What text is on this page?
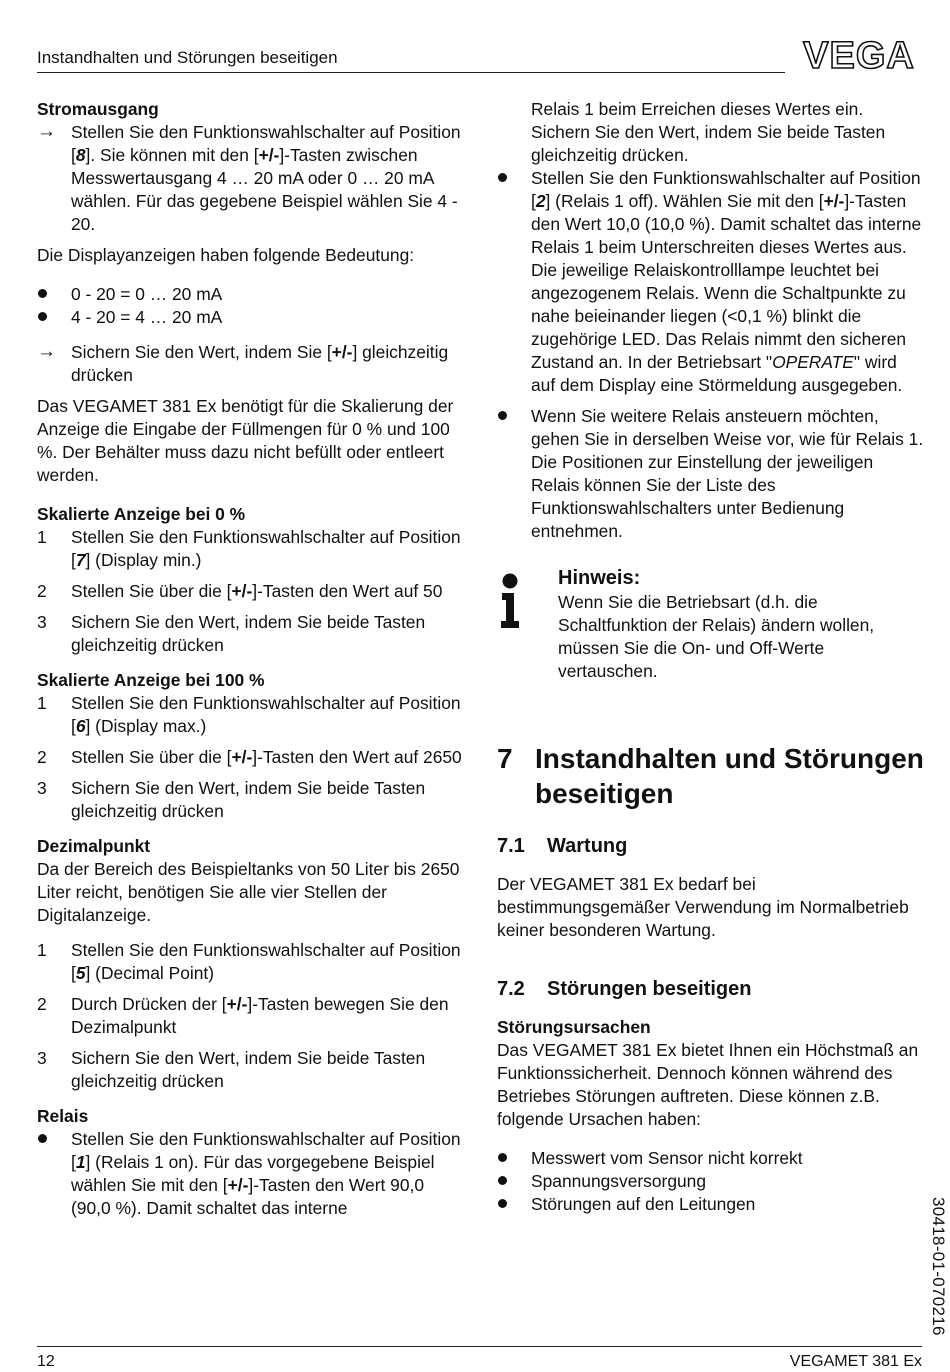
Instandhalten und Störungen beseitigen	VEGA

Stromausgang

→ Stellen Sie den Funktionswahlschalter auf Position [8]. Sie können mit den [+/-]-Tasten zwischen Messwertausgang 4 … 20 mA oder 0 … 20 mA wählen. Für das gegebene Beispiel wählen Sie 4 - 20.

Die Displayanzeigen haben folgende Bedeutung:

0 - 20 = 0 … 20 mA
4 - 20 = 4 … 20 mA
→ Sichern Sie den Wert, indem Sie [+/-] gleichzeitig drücken

Das VEGAMET 381 Ex benötigt für die Skalierung der Anzeige die Eingabe der Füllmengen für 0 % und 100 %. Der Behälter muss dazu nicht befüllt oder entleert werden.

Skalierte Anzeige bei 0 %

1	Stellen Sie den Funktionswahlschalter auf Position [7] (Display min.)
2	Stellen Sie über die [+/-]-Tasten den Wert auf 50
3	Sichern Sie den Wert, indem Sie beide Tasten gleichzeitig drücken

Skalierte Anzeige bei 100 %

1	Stellen Sie den Funktionswahlschalter auf Position [6] (Display max.)
2	Stellen Sie über die [+/-]-Tasten den Wert auf 2650
3	Sichern Sie den Wert, indem Sie beide Tasten gleichzeitig drücken

Dezimalpunkt

Da der Bereich des Beispieltanks von 50 Liter bis 2650 Liter reicht, benötigen Sie alle vier Stellen der Digitalanzeige.

1	Stellen Sie den Funktionswahlschalter auf Position [5] (Decimal Point)
2	Durch Drücken der [+/-]-Tasten bewegen Sie den Dezimalpunkt
3	Sichern Sie den Wert, indem Sie beide Tasten gleichzeitig drücken

Relais

Stellen Sie den Funktionswahlschalter auf Position [1] (Relais 1 on). Für das vorgegebene Beispiel wählen Sie mit den [+/-]-Tasten den Wert 90,0 (90,0 %). Damit schaltet das interne

Relais 1 beim Erreichen dieses Wertes ein. Sichern Sie den Wert, indem Sie beide Tasten gleichzeitig drücken.

Stellen Sie den Funktionswahlschalter auf Position [2] (Relais 1 off). Wählen Sie mit den [+/-]-Tasten den Wert 10,0 (10,0 %). Damit schaltet das interne Relais 1 beim Unterschreiten dieses Wertes aus. Die jeweilige Relaiskontrolllampe leuchtet bei angezogenem Relais. Wenn die Schaltpunkte zu nahe beieinander liegen (<0,1 %) blinkt die zugehörige LED. Das Relais nimmt den sicheren Zustand an. In der Betriebsart "OPERATE" wird auf dem Display eine Störmeldung ausgegeben.
Wenn Sie weitere Relais ansteuern möchten, gehen Sie in derselben Weise vor, wie für Relais 1. Die Positionen zur Einstellung der jeweiligen Relais können Sie der Liste des Funktionswahlschalters unter Bedienung entnehmen.

Hinweis:

Wenn Sie die Betriebsart (d.h. die Schaltfunktion der Relais) ändern wollen, müssen Sie die On- und Off-Werte vertauschen.

7 Instandhalten und Störungen beseitigen
7.1	Wartung

Der VEGAMET 381 Ex bedarf bei bestimmungsgemäßer Verwendung im Normalbetrieb keiner besonderen Wartung.

7.2	Störungen beseitigen

Störungsursachen

Das VEGAMET 381 Ex bietet Ihnen ein Höchstmaß an Funktionssicherheit. Dennoch können während des Betriebes Störungen auftreten. Diese können z.B. folgende Ursachen haben:

Messwert vom Sensor nicht korrekt
Spannungsversorgung
Störungen auf den Leitungen	30418-01-070216
12	VEGAMET 381 Ex
